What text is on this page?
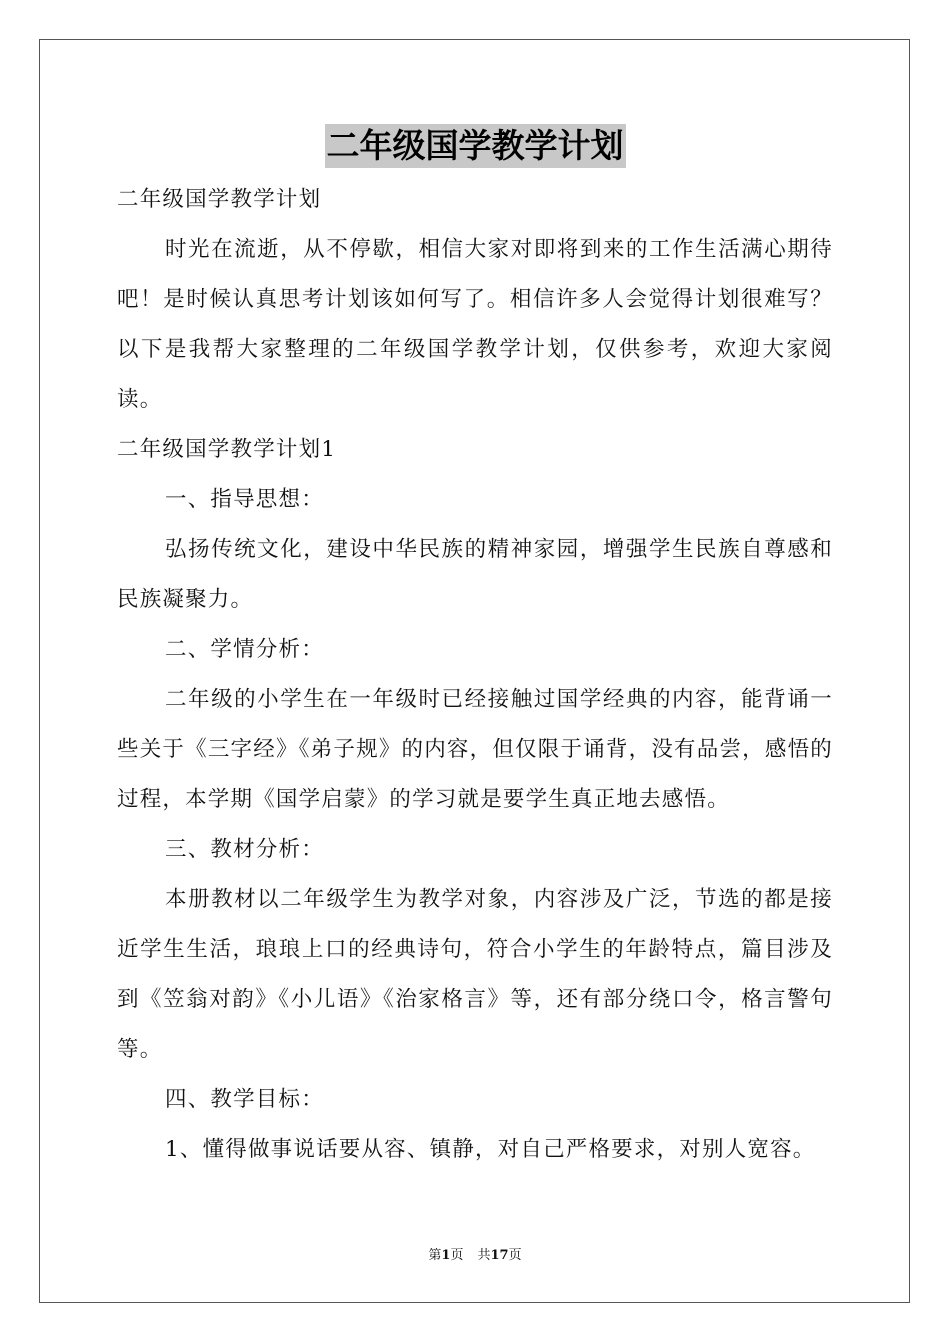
二年级国学教学计划

二年级国学教学计划

时光在流逝，从不停歇，相信大家对即将到来的工作生活满心期待吧！是时候认真思考计划该如何写了。相信许多人会觉得计划很难写？以下是我帮大家整理的二年级国学教学计划，仅供参考，欢迎大家阅读。

二年级国学教学计划1

一、指导思想：

弘扬传统文化，建设中华民族的精神家园，增强学生民族自尊感和民族凝聚力。

二、学情分析：

二年级的小学生在一年级时已经接触过国学经典的内容，能背诵一些关于《三字经》《弟子规》的内容，但仅限于诵背，没有品尝，感悟的过程，本学期《国学启蒙》的学习就是要学生真正地去感悟。

三、教材分析：

本册教材以二年级学生为教学对象，内容涉及广泛，节选的都是接近学生生活，琅琅上口的经典诗句，符合小学生的年龄特点，篇目涉及到《笠翁对韵》《小儿语》《治家格言》等，还有部分绕口令，格言警句等。

四、教学目标：

1、懂得做事说话要从容、镇静，对自己严格要求，对别人宽容。

第1页 共17页
